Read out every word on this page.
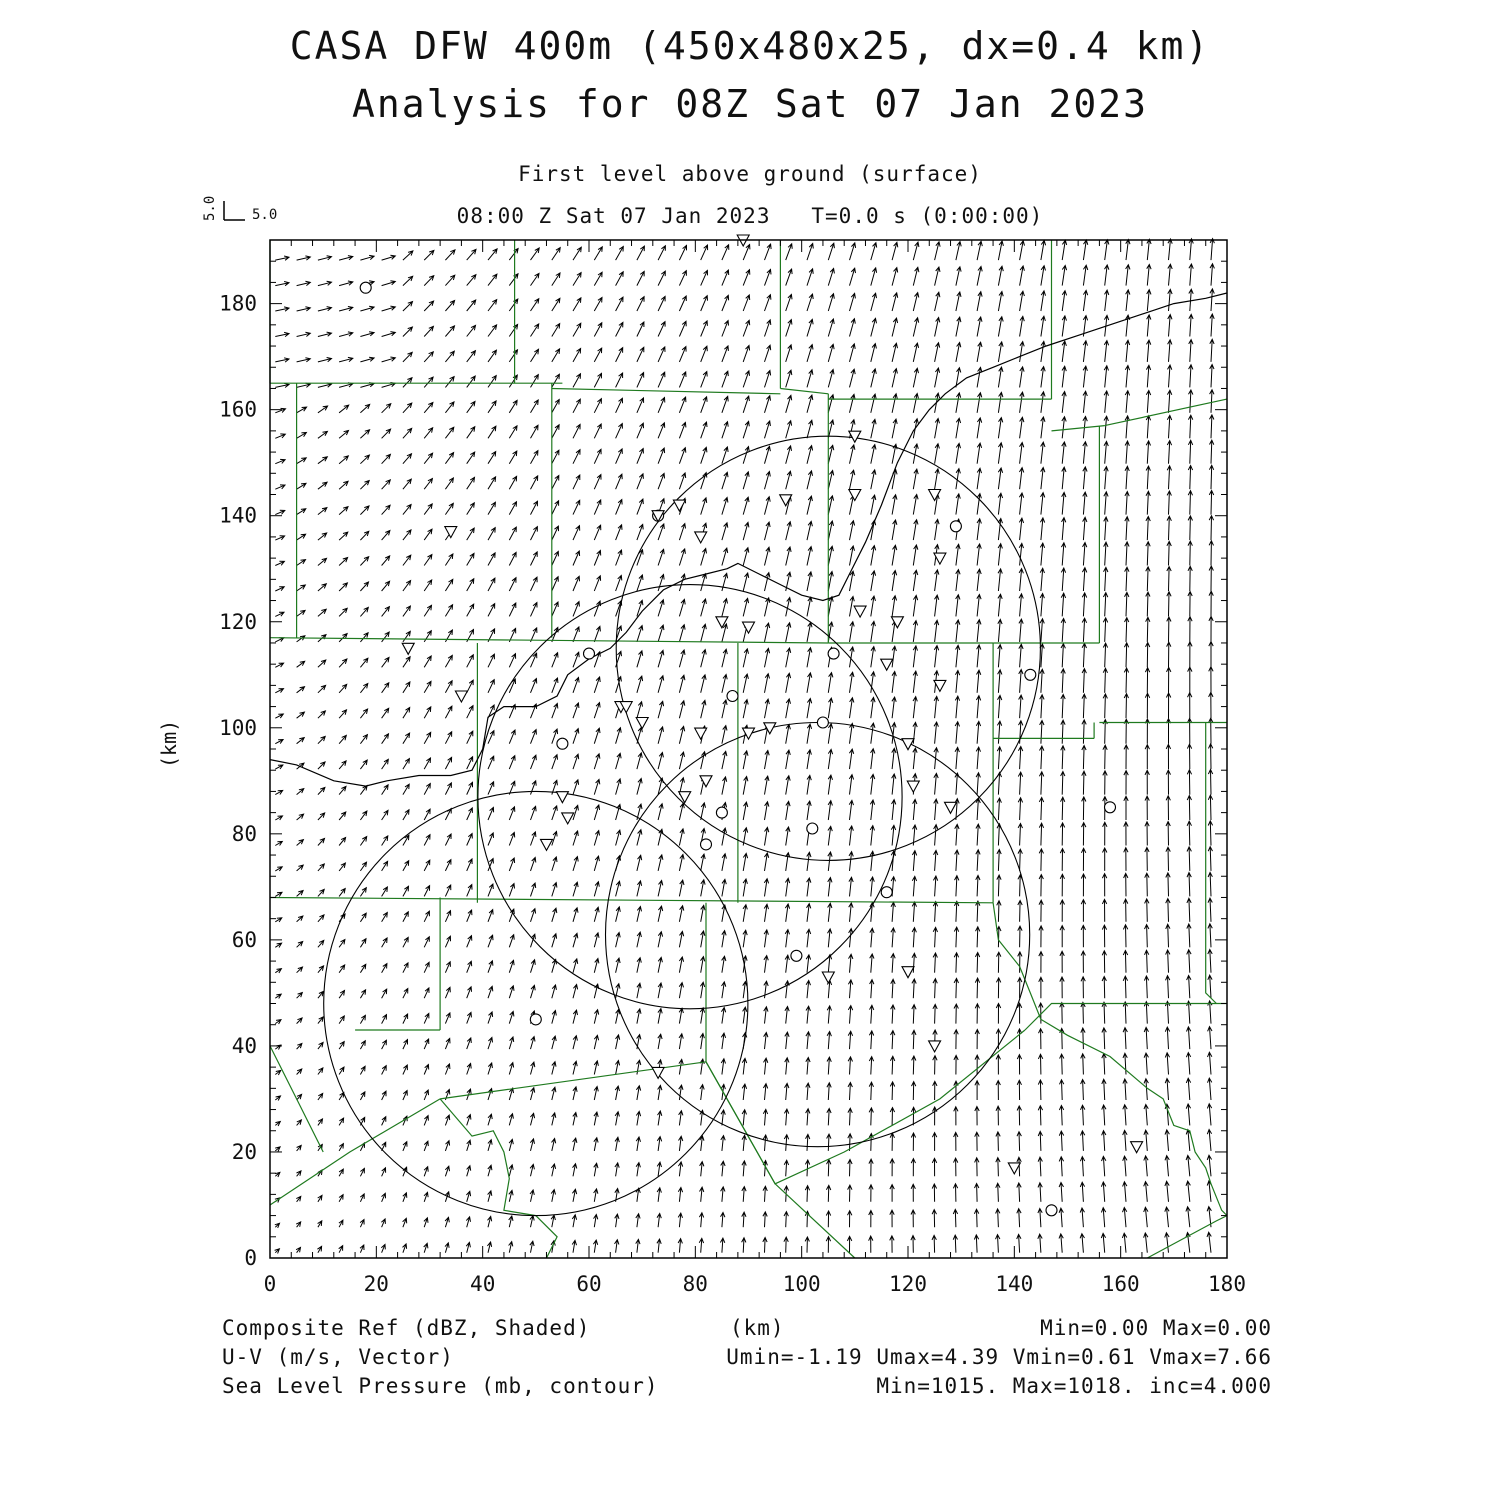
CASA DFW 400m (450x480x25, dx=0.4 km)
Analysis for 08Z Sat 07 Jan 2023
First level above ground (surface)
08:00 Z Sat 07 Jan 2023   T=0.0 s (0:00:00)
0	20	40	60	80	100	120	140	160	180
0
20
40
60
80
100
120
140
160
180
5.0 5.0
(km)
Composite Ref (dBZ, Shaded)
U-V (m/s, Vector)
Sea Level Pressure (mb, contour)
(km)	Min=0.00 Max=0.00
Umin=-1.19 Umax=4.39 Vmin=0.61 Vmax=7.66
Min=1015. Max=1018. inc=4.000
